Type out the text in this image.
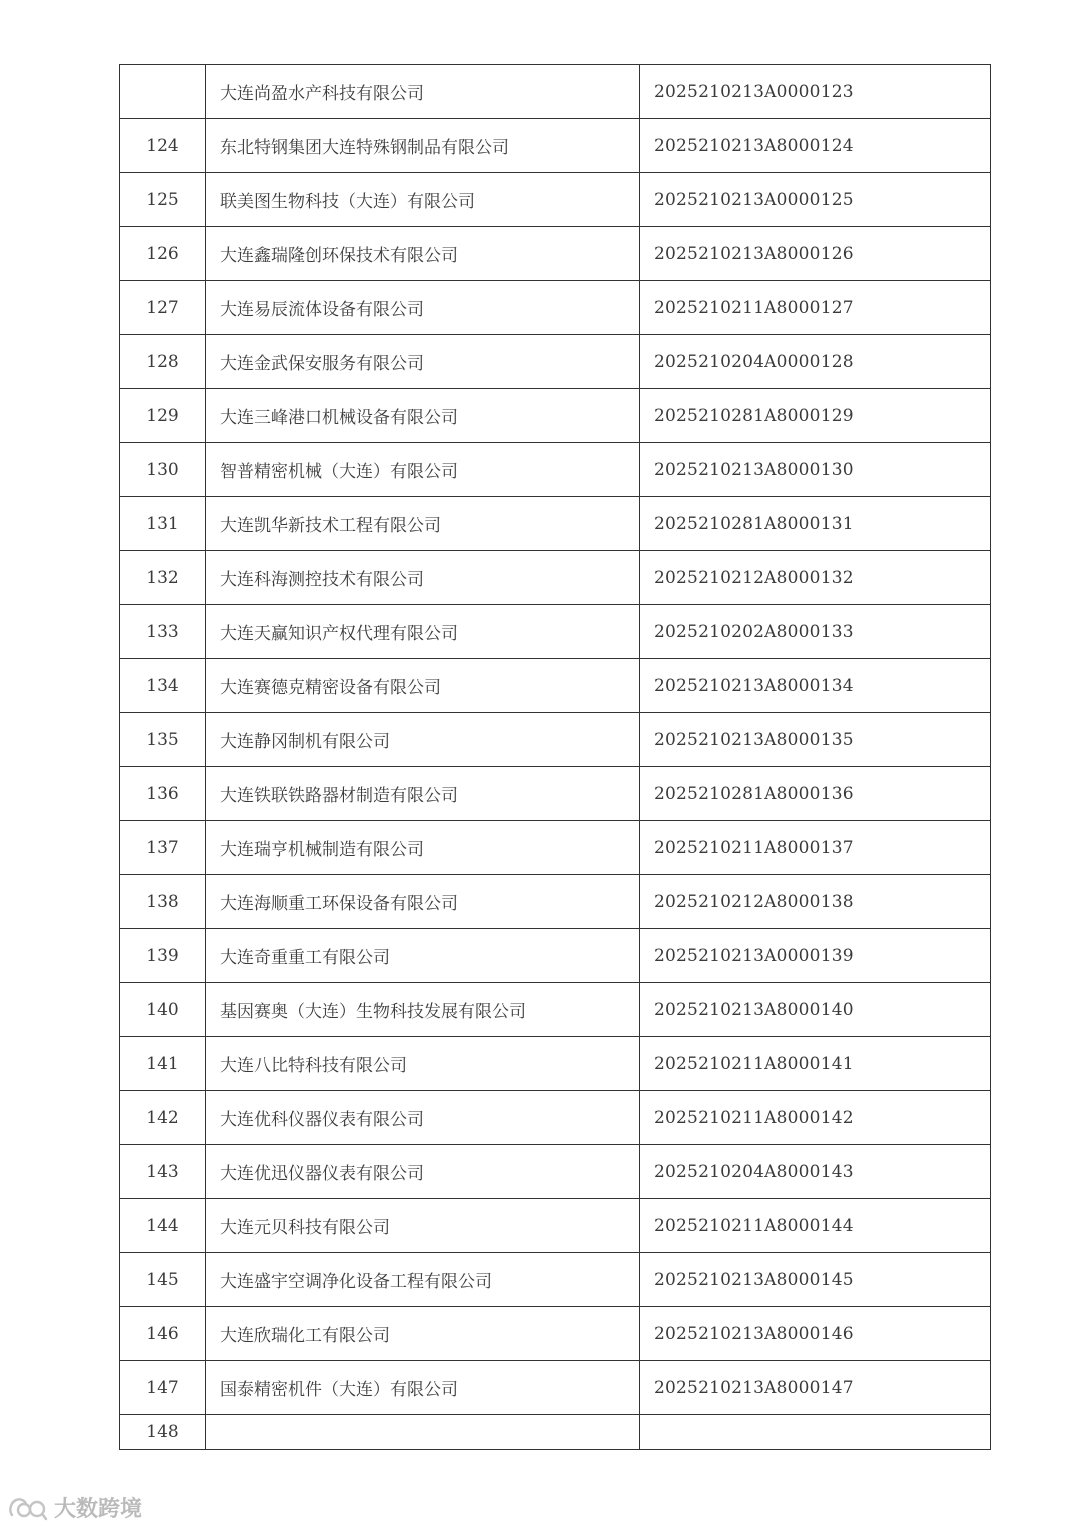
	大连尚盈水产科技有限公司	2025210213A0000123
124	东北特钢集团大连特殊钢制品有限公司	2025210213A8000124
125	联美图生物科技（大连）有限公司	2025210213A0000125
126	大连鑫瑞隆创环保技术有限公司	2025210213A8000126
127	大连易辰流体设备有限公司	2025210211A8000127
128	大连金武保安服务有限公司	2025210204A0000128
129	大连三峰港口机械设备有限公司	2025210281A8000129
130	智普精密机械（大连）有限公司	2025210213A8000130
131	大连凯华新技术工程有限公司	2025210281A8000131
132	大连科海测控技术有限公司	2025210212A8000132
133	大连天赢知识产权代理有限公司	2025210202A8000133
134	大连赛德克精密设备有限公司	2025210213A8000134
135	大连静冈制机有限公司	2025210213A8000135
136	大连铁联铁路器材制造有限公司	2025210281A8000136
137	大连瑞亨机械制造有限公司	2025210211A8000137
138	大连海顺重工环保设备有限公司	2025210212A8000138
139	大连奇重重工有限公司	2025210213A0000139
140	基因赛奥（大连）生物科技发展有限公司	2025210213A8000140
141	大连八比特科技有限公司	2025210211A8000141
142	大连优科仪器仪表有限公司	2025210211A8000142
143	大连优迅仪器仪表有限公司	2025210204A8000143
144	大连元贝科技有限公司	2025210211A8000144
145	大连盛宇空调净化设备工程有限公司	2025210213A8000145
146	大连欣瑞化工有限公司	2025210213A8000146
147	国泰精密机件（大连）有限公司	2025210213A8000147
148		
大数跨境
